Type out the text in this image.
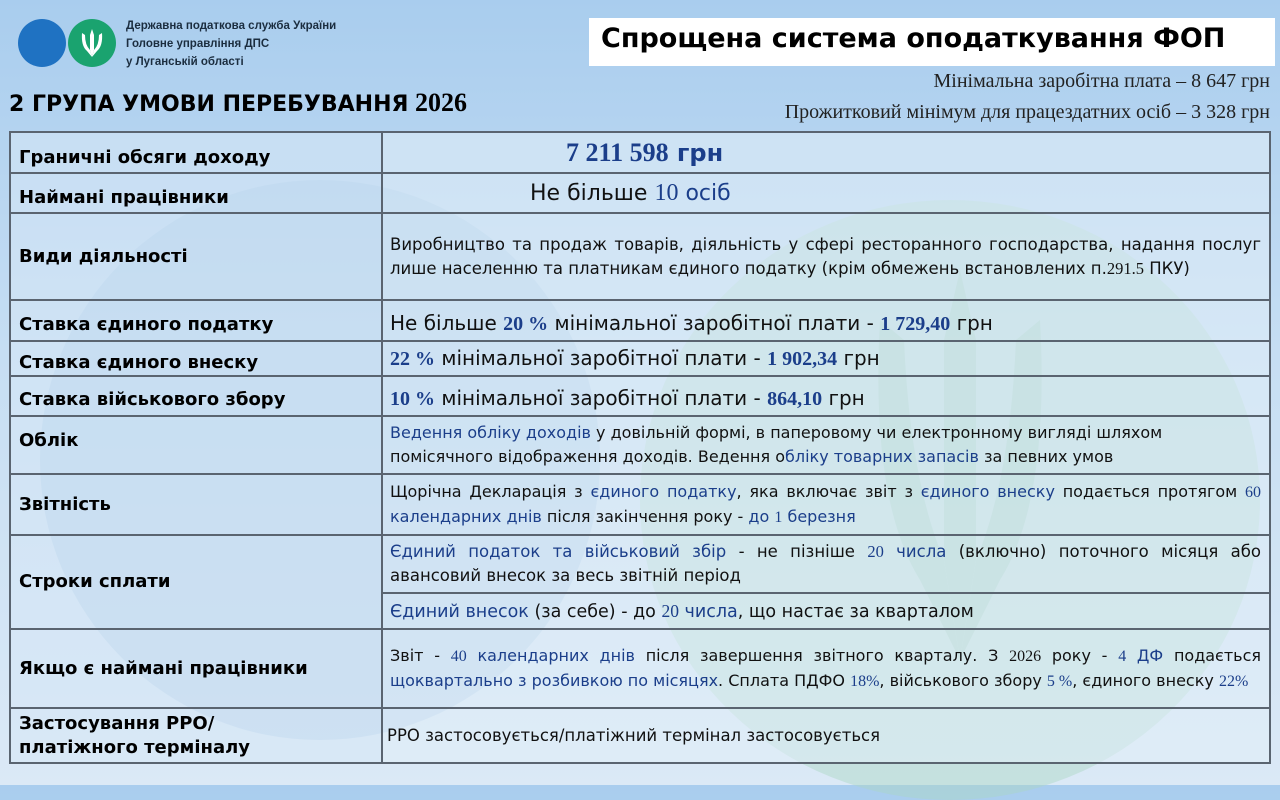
Державна податкова служба України
Головне управління ДПС
у Луганській області
Спрощена система оподаткування ФОП
Мінімальна заробітна плата – 8 647 грн
Прожитковий мінімум для працездатних осіб – 3 328 грн
2 ГРУПА УМОВИ ПЕРЕБУВАННЯ 2026
Граничні обсяги доходу	7 211 598 грн
Наймані працівники	Не більше 10 осіб
Види діяльності	Виробництво та продаж товарів, діяльність у сфері ресторанного господарства, надання послуг лише населенню та платникам єдиного податку (крім обмежень встановлених п.291.5 ПКУ)
Ставка єдиного податку	Не більше 20 % мінімальної заробітної плати - 1 729,40 грн
Ставка єдиного внеску	22 % мінімальної заробітної плати - 1 902,34 грн
Ставка військового збору	10 % мінімальної заробітної плати - 864,10 грн
Облік	Ведення обліку доходів у довільній формі, в паперовому чи електронному вигляді шляхом помісячного відображення доходів. Ведення обліку товарних запасів за певних умов
Звітність	Щорічна Декларація з єдиного податку, яка включає звіт з єдиного внеску подається протягом 60 календарних днів після закінчення року - до 1 березня
Строки сплати	Єдиний податок та військовий збір - не пізніше 20 числа (включно) поточного місяця або авансовий внесок за весь звітній період
	Єдиний внесок (за себе) - до 20 числа, що настає за кварталом
Якщо є наймані працівники	Звіт - 40 календарних днів після завершення звітного кварталу. З 2026 року - 4 ДФ подається щоквартально з розбивкою по місяцях. Сплата ПДФО 18%, військового збору 5 %, єдиного внеску 22%

Застосування РРО/
платіжного терміналу	РРО застосовується/платіжний термінал застосовується
